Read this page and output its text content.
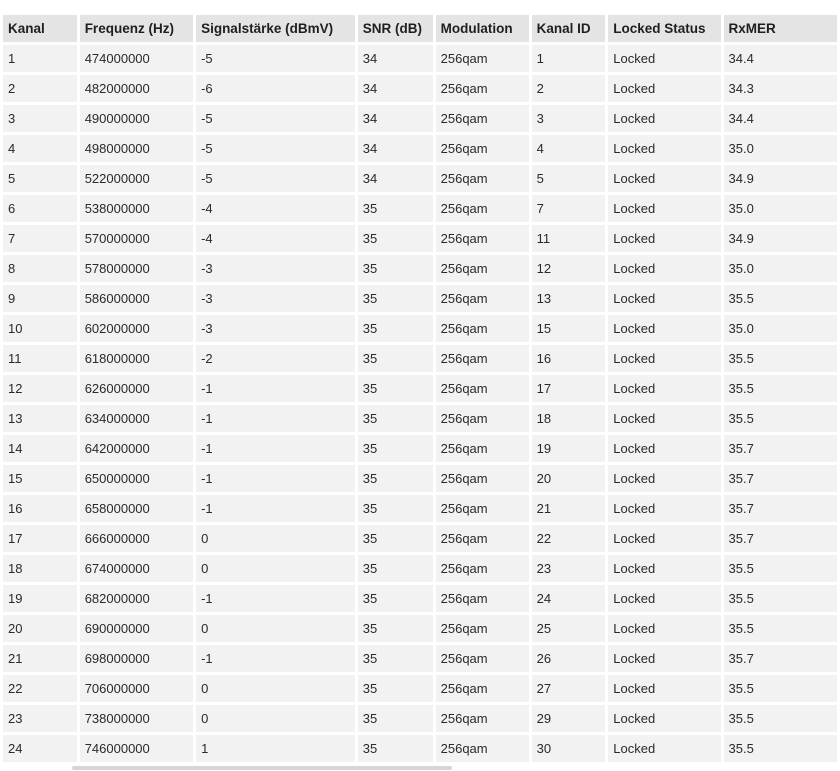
Kanal	Frequenz (Hz)	Signalstärke (dBmV)	SNR (dB)	Modulation	Kanal ID	Locked Status	RxMER
1	474000000	-5	34	256qam	1	Locked	34.4
2	482000000	-6	34	256qam	2	Locked	34.3
3	490000000	-5	34	256qam	3	Locked	34.4
4	498000000	-5	34	256qam	4	Locked	35.0
5	522000000	-5	34	256qam	5	Locked	34.9
6	538000000	-4	35	256qam	7	Locked	35.0
7	570000000	-4	35	256qam	11	Locked	34.9
8	578000000	-3	35	256qam	12	Locked	35.0
9	586000000	-3	35	256qam	13	Locked	35.5
10	602000000	-3	35	256qam	15	Locked	35.0
11	618000000	-2	35	256qam	16	Locked	35.5
12	626000000	-1	35	256qam	17	Locked	35.5
13	634000000	-1	35	256qam	18	Locked	35.5
14	642000000	-1	35	256qam	19	Locked	35.7
15	650000000	-1	35	256qam	20	Locked	35.7
16	658000000	-1	35	256qam	21	Locked	35.7
17	666000000	0	35	256qam	22	Locked	35.7
18	674000000	0	35	256qam	23	Locked	35.5
19	682000000	-1	35	256qam	24	Locked	35.5
20	690000000	0	35	256qam	25	Locked	35.5
21	698000000	-1	35	256qam	26	Locked	35.7
22	706000000	0	35	256qam	27	Locked	35.5
23	738000000	0	35	256qam	29	Locked	35.5
24	746000000	1	35	256qam	30	Locked	35.5
